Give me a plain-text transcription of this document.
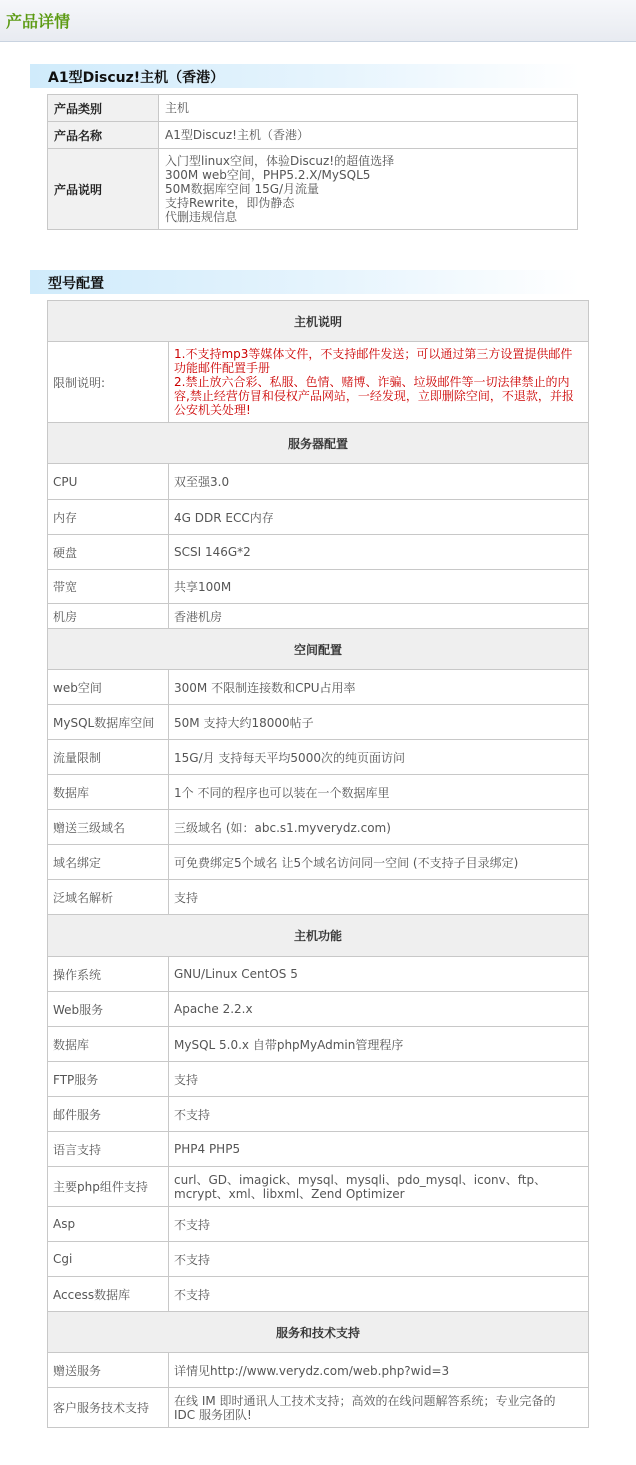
产品详情
A1型Discuz!主机（香港）
产品类别	主机
产品名称	A1型Discuz!主机（香港）
产品说明	入门型linux空间，体验Discuz!的超值选择
300M web空间，PHP5.2.X/MySQL5
50M数据库空间 15G/月流量
支持Rewrite，即伪静态
代删违规信息
型号配置
主机说明	
限制说明:	1.不支持mp3等媒体文件，不支持邮件发送；可以通过第三方设置提供邮件功能邮件配置手册
2.禁止放六合彩、私服、色情、赌博、诈骗、垃圾邮件等一切法律禁止的内容,禁止经营仿冒和侵权产品网站，一经发现，立即删除空间，不退款，并报公安机关处理!

服务器配置	
CPU	双至强3.0
内存	4G DDR ECC内存
硬盘	SCSI 146G*2
带宽	共享100M
机房	香港机房
空间配置	
web空间	300M 不限制连接数和CPU占用率
MySQL数据库空间	50M 支持大约18000帖子
流量限制	15G/月 支持每天平均5000次的纯页面访问
数据库	1个 不同的程序也可以装在一个数据库里
赠送三级域名	三级域名 (如：abc.s1.myverydz.com)
域名绑定	可免费绑定5个域名 让5个域名访问同一空间 (不支持子目录绑定)
泛域名解析	支持
主机功能	
操作系统	GNU/Linux CentOS 5
Web服务	Apache 2.2.x
数据库	MySQL 5.0.x 自带phpMyAdmin管理程序
FTP服务	支持
邮件服务	不支持
语言支持	PHP4 PHP5
主要php组件支持	curl、GD、imagick、mysql、mysqli、pdo_mysql、iconv、ftp、
mcrypt、xml、libxml、Zend Optimizer

Asp	不支持
Cgi	不支持
Access数据库	不支持
服务和技术支持	
赠送服务	详情见http://www.verydz.com/web.php?wid=3
客户服务技术支持	在线 IM 即时通讯人工技术支持；高效的在线问题解答系统；专业完备的
IDC 服务团队!
